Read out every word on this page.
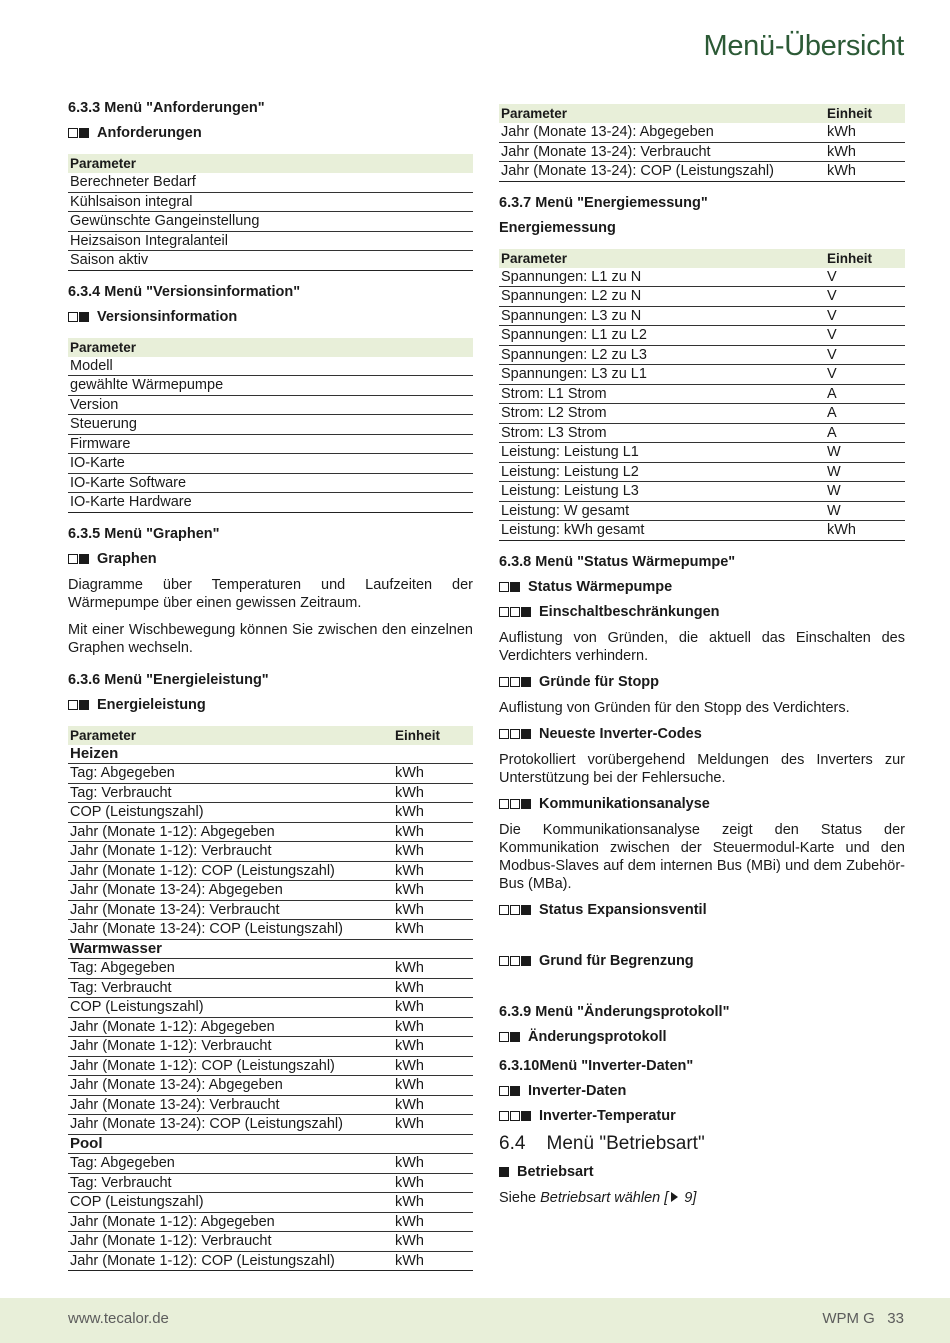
Menü-Übersicht
6.3.3 Menü "Anforderungen"
Anforderungen
Parameter
Berechneter Bedarf
Kühlsaison integral
Gewünschte Gangeinstellung
Heizsaison Integralanteil
Saison aktiv
6.3.4 Menü "Versionsinformation"
Versionsinformation
Parameter
Modell
gewählte Wärmepumpe
Version
Steuerung
Firmware
IO-Karte
IO-Karte Software
IO-Karte Hardware
6.3.5 Menü "Graphen"
Graphen

Diagramme über Temperaturen und Laufzeiten der Wärmepumpe über einen gewissen Zeitraum.

Mit einer Wischbewegung können Sie zwischen den einzelnen Graphen wechseln.

6.3.6 Menü "Energieleistung"
Energieleistung
Parameter	Einheit
Heizen	
Tag: Abgegeben	kWh
Tag: Verbraucht	kWh
COP (Leistungszahl)	kWh
Jahr (Monate 1-12): Abgegeben	kWh
Jahr (Monate 1-12): Verbraucht	kWh
Jahr (Monate 1-12): COP (Leistungszahl)	kWh
Jahr (Monate 13-24): Abgegeben	kWh
Jahr (Monate 13-24): Verbraucht	kWh
Jahr (Monate 13-24): COP (Leistungszahl)	kWh
Warmwasser	
Tag: Abgegeben	kWh
Tag: Verbraucht	kWh
COP (Leistungszahl)	kWh
Jahr (Monate 1-12): Abgegeben	kWh
Jahr (Monate 1-12): Verbraucht	kWh
Jahr (Monate 1-12): COP (Leistungszahl)	kWh
Jahr (Monate 13-24): Abgegeben	kWh
Jahr (Monate 13-24): Verbraucht	kWh
Jahr (Monate 13-24): COP (Leistungszahl)	kWh
Pool	
Tag: Abgegeben	kWh
Tag: Verbraucht	kWh
COP (Leistungszahl)	kWh
Jahr (Monate 1-12): Abgegeben	kWh
Jahr (Monate 1-12): Verbraucht	kWh
Jahr (Monate 1-12): COP (Leistungszahl)	kWh
Parameter	Einheit
Jahr (Monate 13-24): Abgegeben	kWh
Jahr (Monate 13-24): Verbraucht	kWh
Jahr (Monate 13-24): COP (Leistungszahl)	kWh
6.3.7 Menü "Energiemessung"
Energiemessung
Parameter	Einheit
Spannungen: L1 zu N	V
Spannungen: L2 zu N	V
Spannungen: L3 zu N	V
Spannungen: L1 zu L2	V
Spannungen: L2 zu L3	V
Spannungen: L3 zu L1	V
Strom: L1 Strom	A
Strom: L2 Strom	A
Strom: L3 Strom	A
Leistung: Leistung L1	W
Leistung: Leistung L2	W
Leistung: Leistung L3	W
Leistung: W gesamt	W
Leistung: kWh gesamt	kWh
6.3.8 Menü "Status Wärmepumpe"
Status Wärmepumpe
Einschaltbeschränkungen

Auflistung von Gründen, die aktuell das Einschalten des Verdichters verhindern.

Gründe für Stopp

Auflistung von Gründen für den Stopp des Verdichters.

Neueste Inverter-Codes

Protokolliert vorübergehend Meldungen des Inverters zur Unterstützung bei der Fehlersuche.

Kommunikationsanalyse

Die Kommunikationsanalyse zeigt den Status der Kommunikation zwischen der Steuermodul-Karte und den Modbus-Slaves auf dem internen Bus (MBi) und dem Zubehör-Bus (MBa).

Status Expansionsventil
Grund für Begrenzung
6.3.9 Menü "Änderungsprotokoll"
Änderungsprotokoll
6.3.10Menü "Inverter-Daten"
Inverter-Daten
Inverter-Temperatur
6.4    Menü "Betriebsart"
Betriebsart

Siehe Betriebsart wählen [ 9]

www.tecalor.de	WPM G   33
